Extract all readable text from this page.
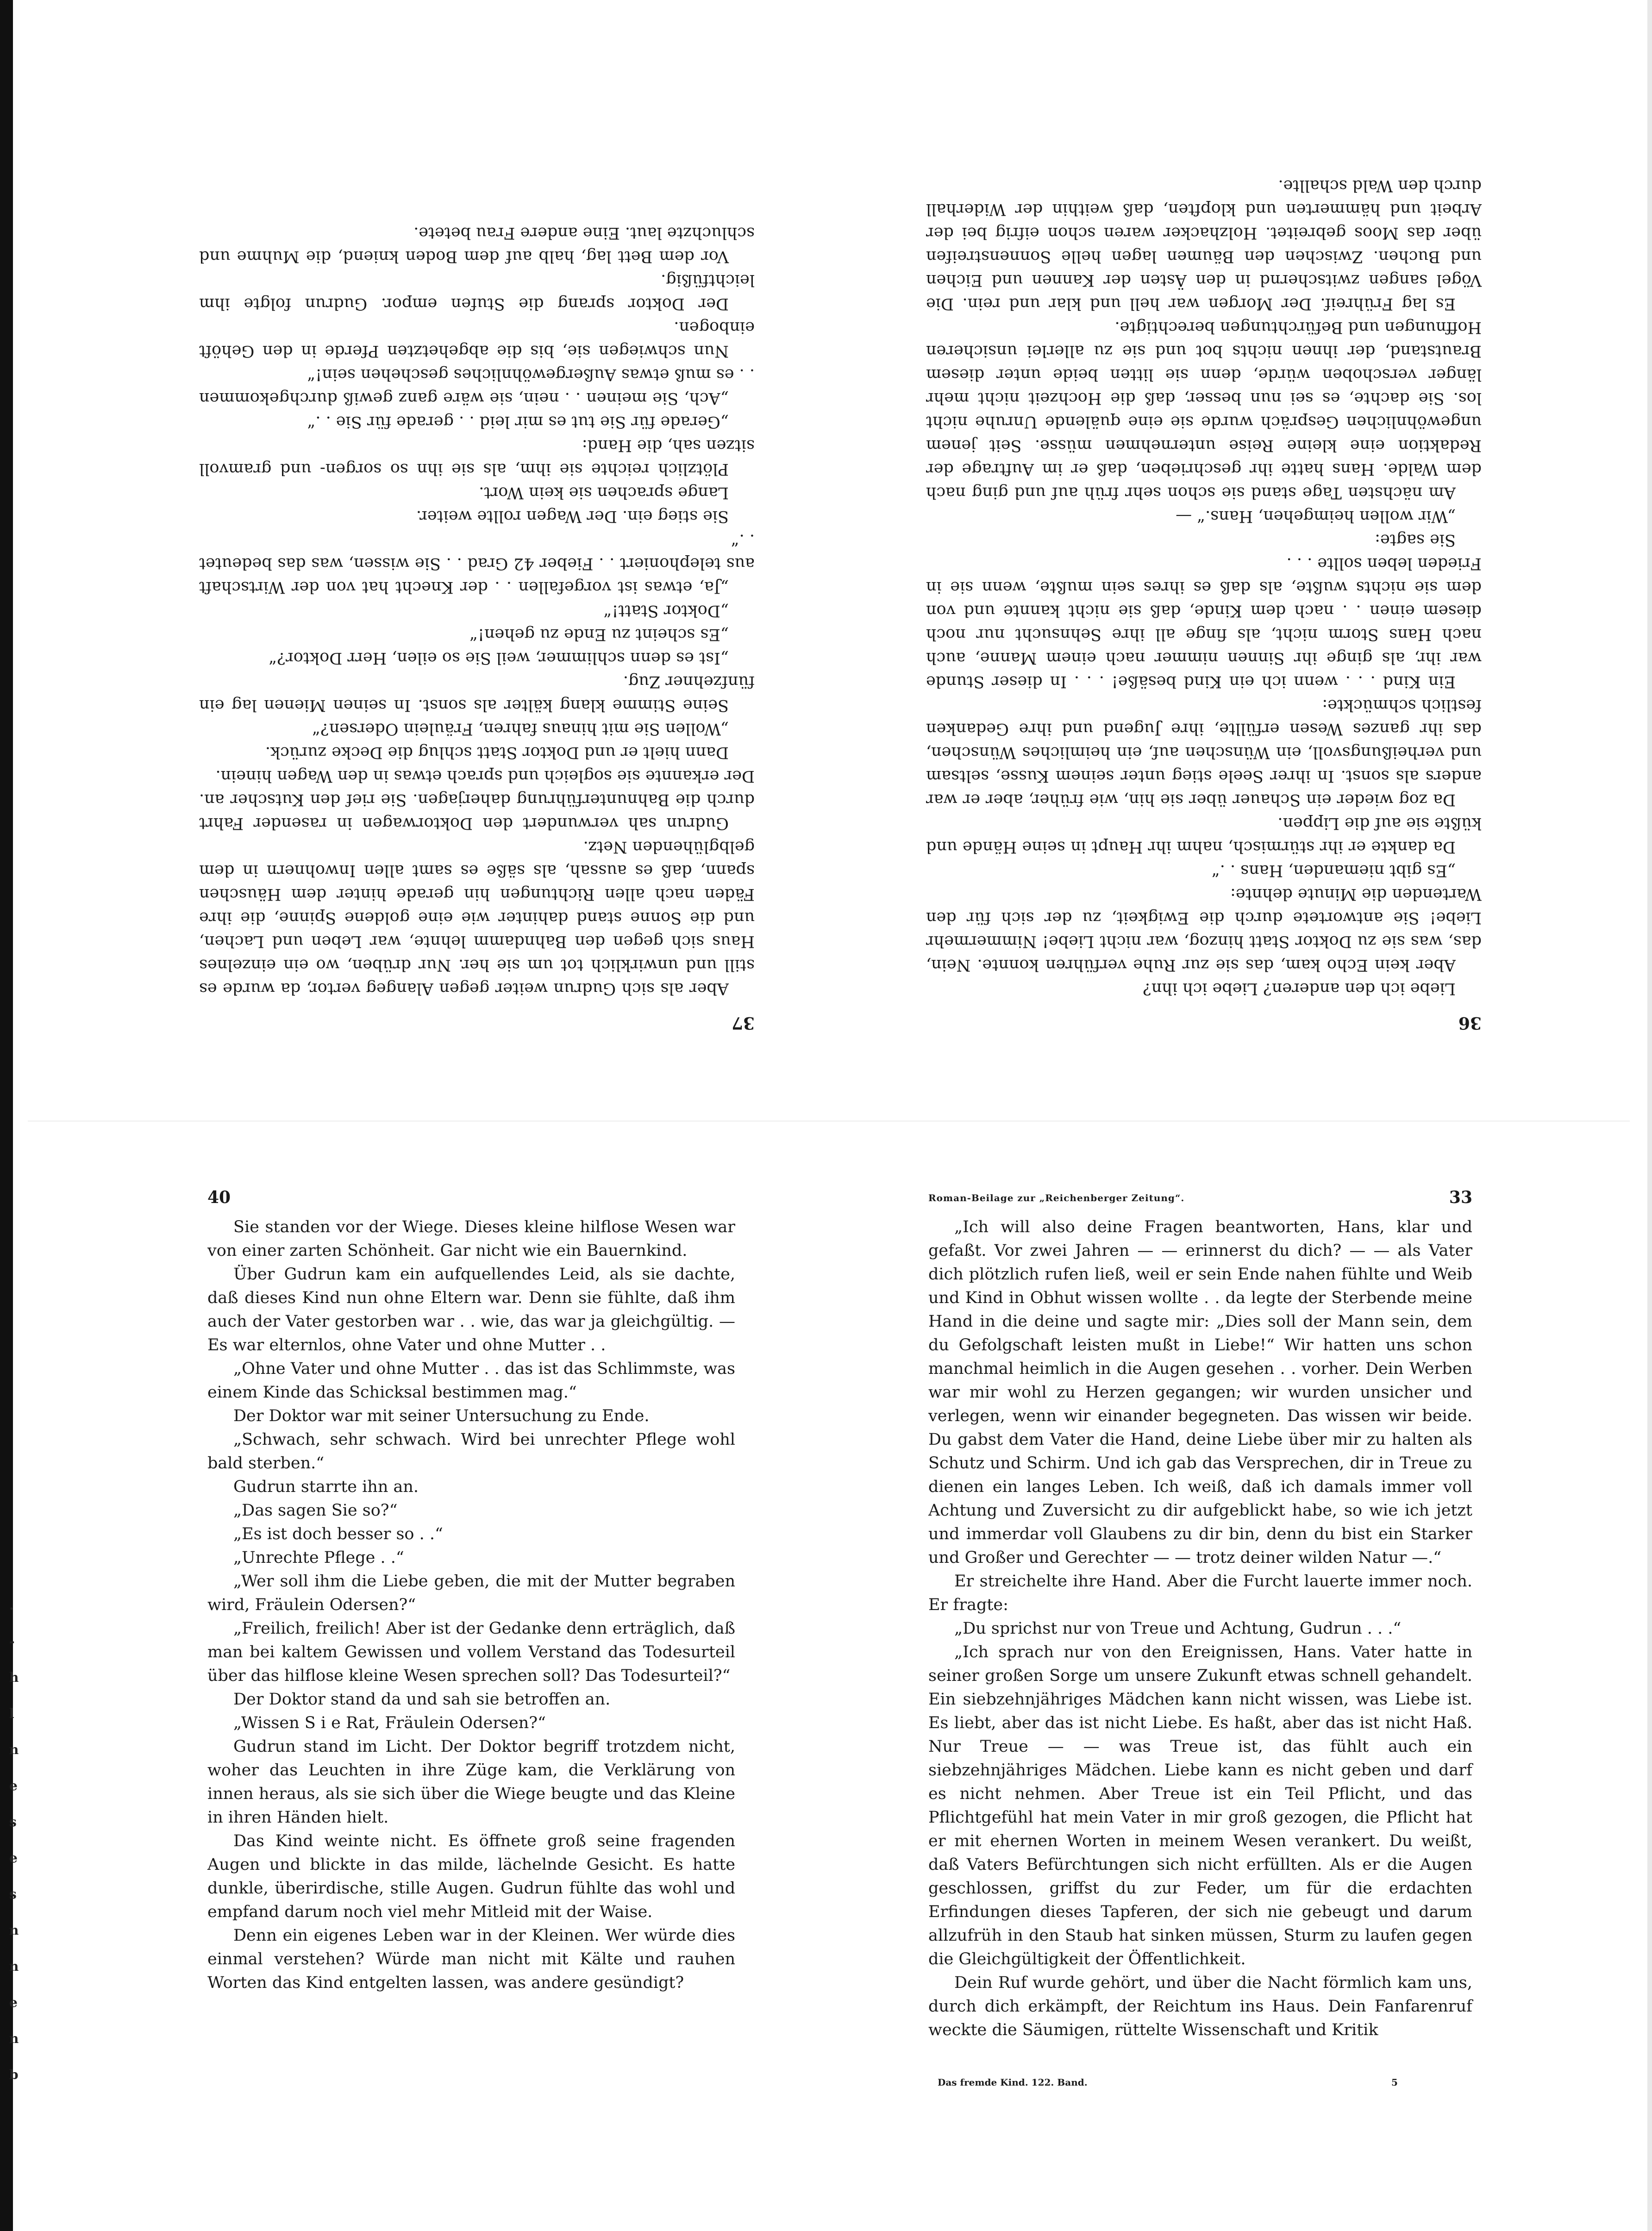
.
-
h
l
n
e
s
e
s
n
n
e
n
b
37

Aber als sich Gudrun weiter gegen Alangeg vertor, da wurde es still und unwirklich tot um sie her. Nur drüben, wo ein einzelnes Haus sich gegen den Bahndamm lehnte, war Leben und Lachen, und die Sonne stand dahinter wie eine goldene Spinne, die ihre Fäden nach allen Richtungen hin gerade hinter dem Häuschen spann, daß es aussah, als säße es samt allen Inwohnern in dem gelbglühenden Netz.

Gudrun sah verwundert den Doktorwagen in rasender Fahrt durch die Bahnunterführung daherjagen. Sie rief den Kutscher an. Der erkannte sie sogleich und sprach etwas in den Wagen hinein.

Dann hielt er und Doktor Statt schlug die Decke zurück.

„Wollen Sie mit hinaus fahren, Fräulein Odersen?“

Seine Stimme klang kälter als sonst. In seinen Mienen lag ein fünfzehner Zug.

„Ist es denn schlimmer, weil Sie so eilen, Herr Doktor?“

„Es scheint zu Ende zu gehen!“

„Doktor Statt!“

„Ja, etwas ist vorgefallen . . der Knecht hat von der Wirtschaft aus telephoniert . . Fieber 42 Grad . . Sie wissen, was das bedeutet . .“

Sie stieg ein. Der Wagen rollte weiter.

Lange sprachen sie kein Wort.

Plötzlich reichte sie ihm, als sie ihn so sorgen- und gramvoll sitzen sah, die Hand:

„Gerade für Sie tut es mir leid . . gerade für Sie . .“

„Ach, Sie meinen . . nein, sie wäre ganz gewiß durchgekommen . . es muß etwas Außergewöhnliches geschehen sein!“

Nun schwiegen sie, bis die abgehetzten Pferde in den Gehöft einbogen.

Der Doktor sprang die Stufen empor. Gudrun folgte ihm leichtfüßig.

Vor dem Bett lag, halb auf dem Boden kniend, die Muhme und schluchzte laut. Eine andere Frau betete.

36

Liebe ich den anderen? Liebe ich ihn?

Aber kein Echo kam, das sie zur Ruhe verführen konnte. Nein, das, was sie zu Doktor Statt hinzog, war nicht Liebe! Nimmermehr Liebe! Sie antwortete durch die Ewigkeit, zu der sich für den Wartenden die Minute dehnte:

„Es gibt niemanden, Hans . .“

Da dankte er ihr stürmisch, nahm ihr Haupt in seine Hände und küßte sie auf die Lippen.

Da zog wieder ein Schauer über sie hin, wie früher, aber er war anders als sonst. In ihrer Seele stieg unter seinem Kusse, seltsam und verheißungsvoll, ein Wünschen auf, ein heimliches Wünschen, das ihr ganzes Wesen erfüllte, ihre Jugend und ihre Gedanken festlich schmückte:

Ein Kind . . . wenn ich ein Kind besäße! . . . In dieser Stunde war ihr, als ginge ihr Sinnen nimmer nach einem Manne, auch nach Hans Storm nicht, als finge all ihre Sehnsucht nur noch diesem einen . . nach dem Kinde, daß sie nicht kannte und von dem sie nichts wußte, als daß es ihres sein mußte, wenn sie in Frieden leben sollte . . .

Sie sagte:

„Wir wollen heimgehen, Hans.“ —

Am nächsten Tage stand sie schon sehr früh auf und ging nach dem Walde. Hans hatte ihr geschrieben, daß er im Auftrage der Redaktion eine kleine Reise unternehmen müsse. Seit jenem ungewöhnlichen Gespräch wurde sie eine quälende Unruhe nicht los. Sie dachte, es sei nun besser, daß die Hochzeit nicht mehr länger verschoben würde, denn sie litten beide unter diesem Brautstand, der ihnen nichts bot und sie zu allerlei unsicheren Hoffnungen und Befürchtungen berechtigte.

Es lag Frühreif. Der Morgen war hell und klar und rein. Die Vögel sangen zwitschernd in den Ästen der Kannen und Eichen und Buchen. Zwischen den Bäumen lagen helle Sonnenstreifen über das Moos gebreitet. Holzhacker waren schon eifrig bei der Arbeit und hämmerten und klopften, daß weithin der Widerhall durch den Wald schallte.

40

Sie standen vor der Wiege. Dieses kleine hilflose Wesen war von einer zarten Schönheit. Gar nicht wie ein Bauernkind.

Über Gudrun kam ein aufquellendes Leid, als sie dachte, daß dieses Kind nun ohne Eltern war. Denn sie fühlte, daß ihm auch der Vater gestorben war . . wie, das war ja gleichgültig. — Es war elternlos, ohne Vater und ohne Mutter . .

„Ohne Vater und ohne Mutter . . das ist das Schlimmste, was einem Kinde das Schicksal bestimmen mag.“

Der Doktor war mit seiner Untersuchung zu Ende.

„Schwach, sehr schwach. Wird bei unrechter Pflege wohl bald sterben.“

Gudrun starrte ihn an.

„Das sagen Sie so?“

„Es ist doch besser so . .“

„Unrechte Pflege . .“

„Wer soll ihm die Liebe geben, die mit der Mutter begraben wird, Fräulein Odersen?“

„Freilich, freilich! Aber ist der Gedanke denn erträglich, daß man bei kaltem Gewissen und vollem Verstand das Todesurteil über das hilflose kleine Wesen sprechen soll? Das Todesurteil?“

Der Doktor stand da und sah sie betroffen an.

„Wissen S i e Rat, Fräulein Odersen?“

Gudrun stand im Licht. Der Doktor begriff trotzdem nicht, woher das Leuchten in ihre Züge kam, die Verklärung von innen heraus, als sie sich über die Wiege beugte und das Kleine in ihren Händen hielt.

Das Kind weinte nicht. Es öffnete groß seine fragenden Augen und blickte in das milde, lächelnde Gesicht. Es hatte dunkle, überirdische, stille Augen. Gudrun fühlte das wohl und empfand darum noch viel mehr Mitleid mit der Waise.

Denn ein eigenes Leben war in der Kleinen. Wer würde dies einmal verstehen? Würde man nicht mit Kälte und rauhen Worten das Kind entgelten lassen, was andere gesündigt?

Roman-Beilage zur „Reichenberger Zeitung“.	33

„Ich will also deine Fragen beantworten, Hans, klar und gefaßt. Vor zwei Jahren — — erinnerst du dich? — — als Vater dich plötzlich rufen ließ, weil er sein Ende nahen fühlte und Weib und Kind in Obhut wissen wollte . . da legte der Sterbende meine Hand in die deine und sagte mir: „Dies soll der Mann sein, dem du Gefolgschaft leisten mußt in Liebe!“ Wir hatten uns schon manchmal heimlich in die Augen gesehen . . vorher. Dein Werben war mir wohl zu Herzen gegangen; wir wurden unsicher und verlegen, wenn wir einander begegneten. Das wissen wir beide. Du gabst dem Vater die Hand, deine Liebe über mir zu halten als Schutz und Schirm. Und ich gab das Versprechen, dir in Treue zu dienen ein langes Leben. Ich weiß, daß ich damals immer voll Achtung und Zuversicht zu dir aufgeblickt habe, so wie ich jetzt und immerdar voll Glaubens zu dir bin, denn du bist ein Starker und Großer und Gerechter — — trotz deiner wilden Natur —.“

Er streichelte ihre Hand. Aber die Furcht lauerte immer noch. Er fragte:

„Du sprichst nur von Treue und Achtung, Gudrun . . .“

„Ich sprach nur von den Ereignissen, Hans. Vater hatte in seiner großen Sorge um unsere Zukunft etwas schnell gehandelt. Ein siebzehnjähriges Mädchen kann nicht wissen, was Liebe ist. Es liebt, aber das ist nicht Liebe. Es haßt, aber das ist nicht Haß. Nur Treue — — was Treue ist, das fühlt auch ein siebzehnjähriges Mädchen. Liebe kann es nicht geben und darf es nicht nehmen. Aber Treue ist ein Teil Pflicht, und das Pflichtgefühl hat mein Vater in mir groß gezogen, die Pflicht hat er mit ehernen Worten in meinem Wesen verankert. Du weißt, daß Vaters Befürchtungen sich nicht erfüllten. Als er die Augen geschlossen, griffst du zur Feder, um für die erdachten Erfindungen dieses Tapferen, der sich nie gebeugt und darum allzufrüh in den Staub hat sinken müssen, Sturm zu laufen gegen die Gleichgültigkeit der Öffentlichkeit.

Dein Ruf wurde gehört, und über die Nacht förmlich kam uns, durch dich erkämpft, der Reichtum ins Haus. Dein Fanfarenruf weckte die Säumigen, rüttelte Wissenschaft und Kritik

Das fremde Kind. 122. Band.	5
